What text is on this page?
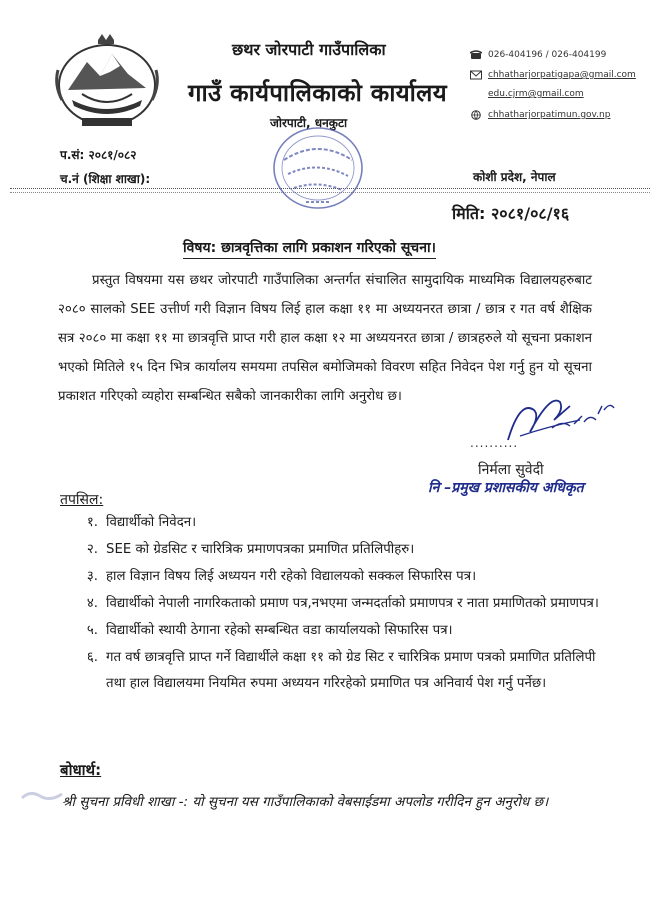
छथर जोरपाटी गाउँपालिका
गाउँ कार्यपालिकाको कार्यालय
जोरपाटी, धनकुटा
026-404196 / 026-404199
chhatharjorpatigapa@gmail.com
edu.cjrm@gmail.com
chhatharjorpatimun.gov.np
प.सं: २०८१/०८२
च.नं (शिक्षा शाखा):	कोशी प्रदेश, नेपाल
मिति: २०८१/०८/१६
विषय: छात्रवृत्तिका लागि प्रकाशन गरिएको सूचना।
प्रस्तुत विषयमा यस छथर जोरपाटी गाउँपालिका अन्तर्गत संचालित सामुदायिक माध्यमिक विद्यालयहरुबाट २०८० सालको SEE उत्तीर्ण गरी विज्ञान विषय लिई हाल कक्षा ११ मा अध्ययनरत छात्रा / छात्र र गत वर्ष शैक्षिक सत्र २०८० मा कक्षा ११ मा छात्रवृत्ति प्राप्त गरी हाल कक्षा १२ मा अध्ययनरत छात्रा / छात्रहरुले यो सूचना प्रकाशन भएको मितिले १५ दिन भित्र कार्यालय समयमा तपसिल बमोजिमको विवरण सहित निवेदन पेश गर्नु हुन यो सूचना प्रकाशत गरिएको व्यहोरा सम्बन्धित सबैको जानकारीका लागि अनुरोध छ।
..........
निर्मला सुवेदी
नि –प्रमुख प्रशासकीय अधिकृत
तपसिल:
१. विद्यार्थीको निवेदन।
२. SEE को ग्रेडसिट र चारित्रिक प्रमाणपत्रका प्रमाणित प्रतिलिपीहरु।
३. हाल विज्ञान विषय लिई अध्ययन गरी रहेको विद्यालयको सक्कल सिफारिस पत्र।
४. विद्यार्थीको नेपाली नागरिकताको प्रमाण पत्र,नभएमा जन्मदर्ताको प्रमाणपत्र र नाता प्रमाणितको प्रमाणपत्र।
५. विद्यार्थीको स्थायी ठेगाना रहेको सम्बन्धित वडा कार्यालयको सिफारिस पत्र।
६. गत वर्ष छात्रवृत्ति प्राप्त गर्ने विद्यार्थीले कक्षा ११ को ग्रेड सिट र चारित्रिक प्रमाण पत्रको प्रमाणित प्रतिलिपी तथा हाल विद्यालयमा नियमित रुपमा अध्ययन गरिरहेको प्रमाणित पत्र अनिवार्य पेश गर्नु पर्नेछ।
बोधार्थ:
श्री सुचना प्रविधी शाखा -: यो सुचना यस गाउँपालिकाको वेबसाईडमा अपलोड गरीदिन हुन अनुरोध छ।
